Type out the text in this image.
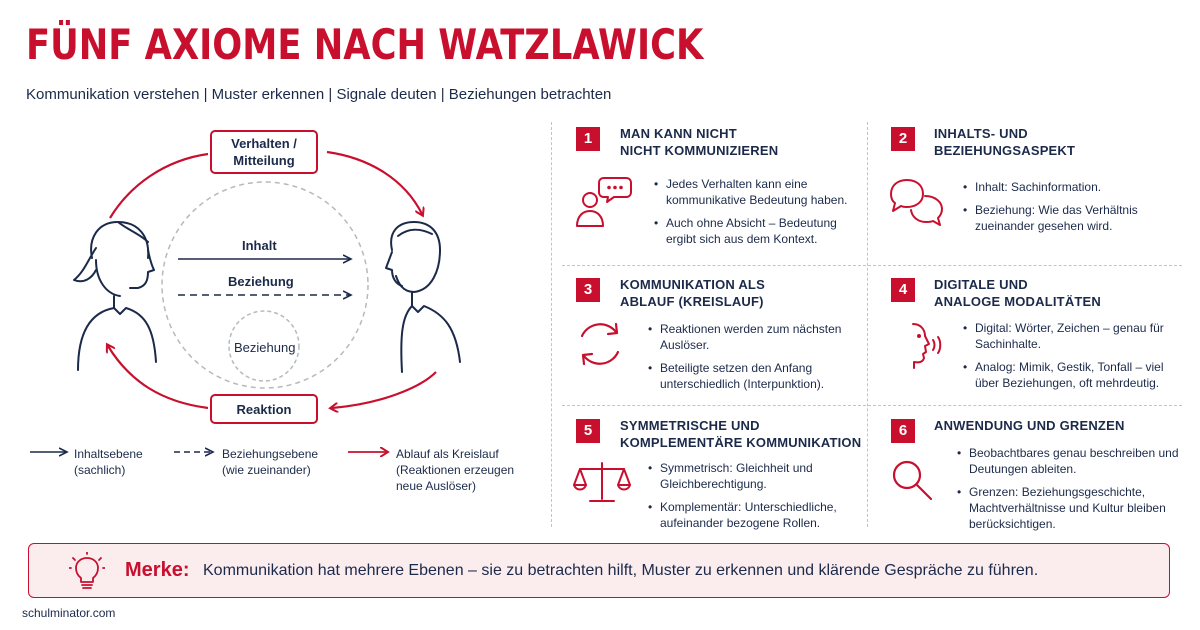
FÜNF AXIOME NACH WATZLAWICK
Kommunikation verstehen | Muster erkennen | Signale deuten | Beziehungen betrachten
Verhalten /
Mitteilung
Reaktion
Inhalt
Beziehung
Beziehung
Inhaltsebene
(sachlich)
Beziehungsebene
(wie zueinander)
Ablauf als Kreislauf
(Reaktionen erzeugen
neue Auslöser)
1	MAN KANN NICHT
NICHT KOMMUNIZIEREN
• Jedes Verhalten kann eine kommunikative Bedeutung haben.
• Auch ohne Absicht – Bedeutung ergibt sich aus dem Kontext.
2	INHALTS- UND
BEZIEHUNGSASPEKT
• Inhalt: Sachinformation.
• Beziehung: Wie das Verhältnis zueinander gesehen wird.
3	KOMMUNIKATION ALS
ABLAUF (KREISLAUF)
• Reaktionen werden zum nächsten Auslöser.
• Beteiligte setzen den Anfang unterschiedlich (Interpunktion).
4	DIGITALE UND
ANALOGE MODALITÄTEN
• Digital: Wörter, Zeichen – genau für Sachinhalte.
• Analog: Mimik, Gestik, Tonfall – viel über Beziehungen, oft mehrdeutig.
5	SYMMETRISCHE UND
KOMPLEMENTÄRE KOMMUNIKATION
• Symmetrisch: Gleichheit und Gleichberechtigung.
• Komplementär: Unterschiedliche, aufeinander bezogene Rollen.
6	ANWENDUNG UND GRENZEN
• Beobachtbares genau beschreiben und Deutungen ableiten.
• Grenzen: Beziehungsgeschichte, Machtverhältnisse und Kultur bleiben berücksichtigen.
Merke: Kommunikation hat mehrere Ebenen – sie zu betrachten hilft, Muster zu erkennen und klärende Gespräche zu führen.
schulminator.com
